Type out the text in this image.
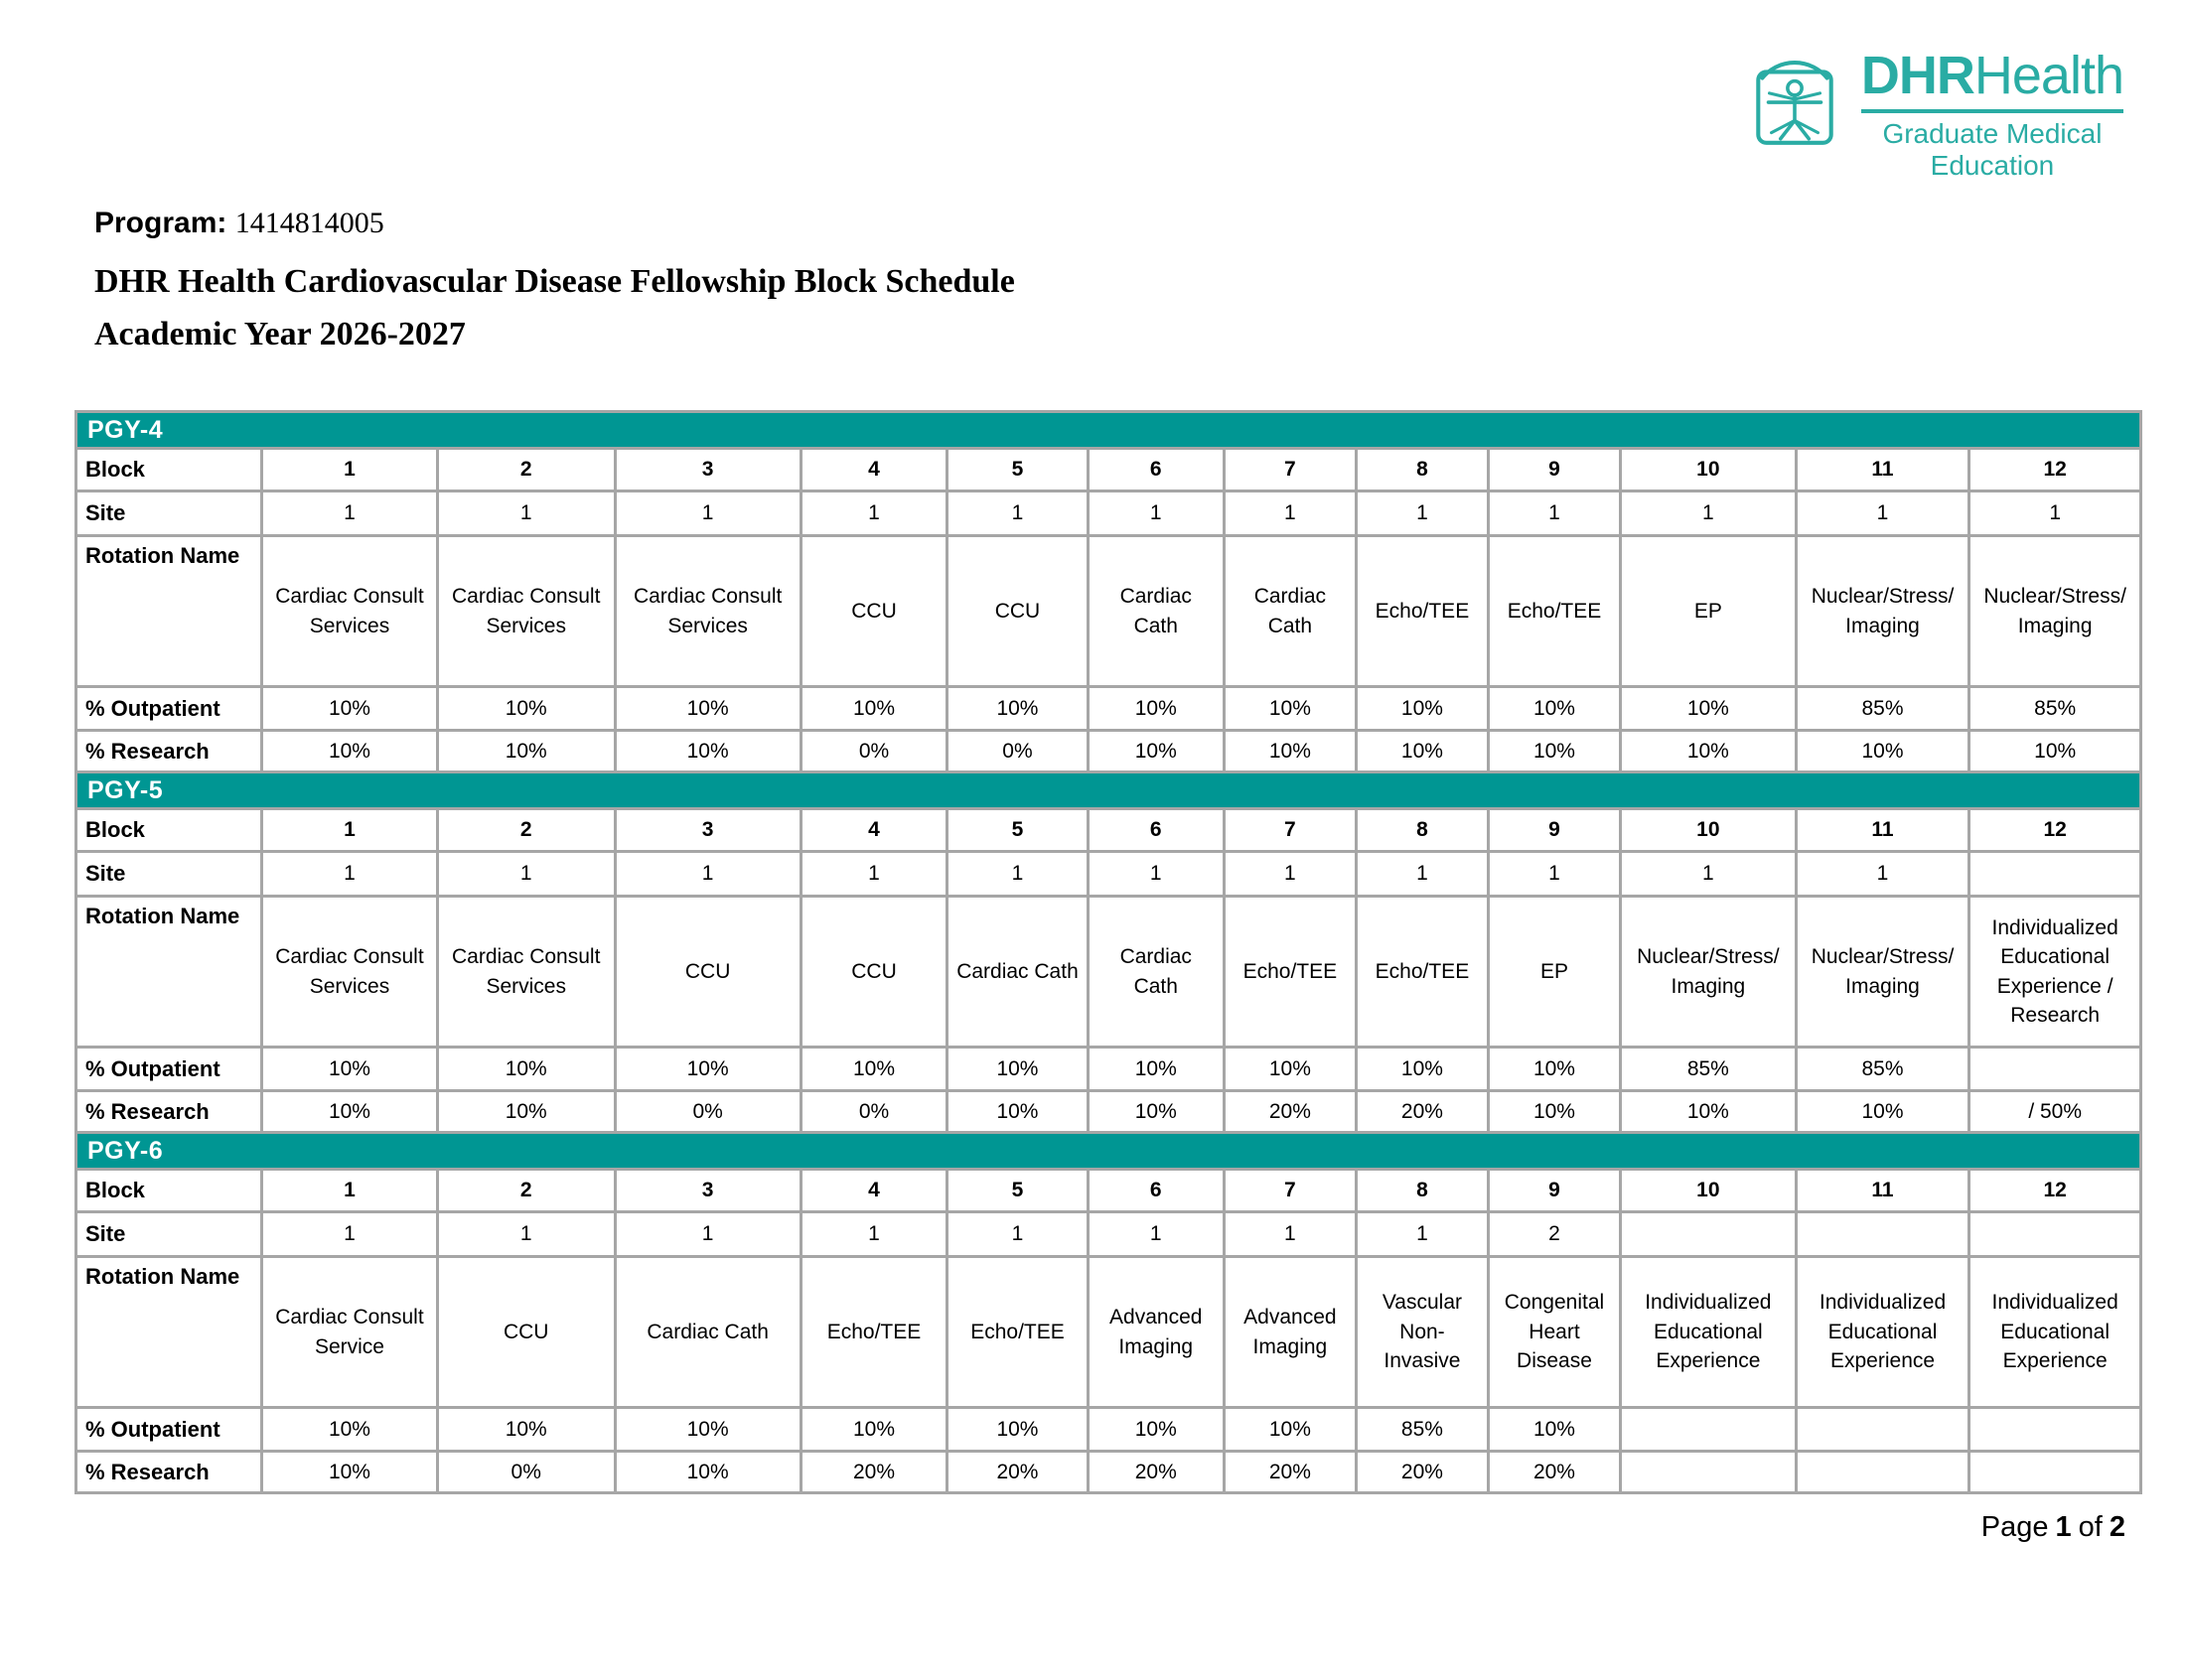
DHRHealth
Graduate Medical
Education
Program: 1414814005
DHR Health Cardiovascular Disease Fellowship Block Schedule
Academic Year 2026-2027
PGY-4												
Block	1	2	3	4	5	6	7	8	9	10	11	12
Site	1	1	1	1	1	1	1	1	1	1	1	1
Rotation Name	Cardiac Consult Services	Cardiac Consult Services	Cardiac Consult Services	CCU	CCU	Cardiac Cath	Cardiac Cath	Echo/TEE	Echo/TEE	EP	Nuclear/Stress/ Imaging	Nuclear/Stress/ Imaging
% Outpatient	10%	10%	10%	10%	10%	10%	10%	10%	10%	10%	85%	85%
% Research	10%	10%	10%	0%	0%	10%	10%	10%	10%	10%	10%	10%
PGY-5												
Block	1	2	3	4	5	6	7	8	9	10	11	12
Site	1	1	1	1	1	1	1	1	1	1	1	
Rotation Name	Cardiac Consult Services	Cardiac Consult Services	CCU	CCU	Cardiac Cath	Cardiac Cath	Echo/TEE	Echo/TEE	EP	Nuclear/Stress/ Imaging	Nuclear/Stress/ Imaging	Individualized Educational Experience / Research
% Outpatient	10%	10%	10%	10%	10%	10%	10%	10%	10%	85%	85%	
% Research	10%	10%	0%	0%	10%	10%	20%	20%	10%	10%	10%	/ 50%
PGY-6												
Block	1	2	3	4	5	6	7	8	9	10	11	12
Site	1	1	1	1	1	1	1	1	2			
Rotation Name	Cardiac Consult Service	CCU	Cardiac Cath	Echo/TEE	Echo/TEE	Advanced Imaging	Advanced Imaging	Vascular Non-Invasive	Congenital Heart Disease	Individualized Educational Experience	Individualized Educational Experience	Individualized Educational Experience
% Outpatient	10%	10%	10%	10%	10%	10%	10%	85%	10%			
% Research	10%	0%	10%	20%	20%	20%	20%	20%	20%			
Page 1 of 2
